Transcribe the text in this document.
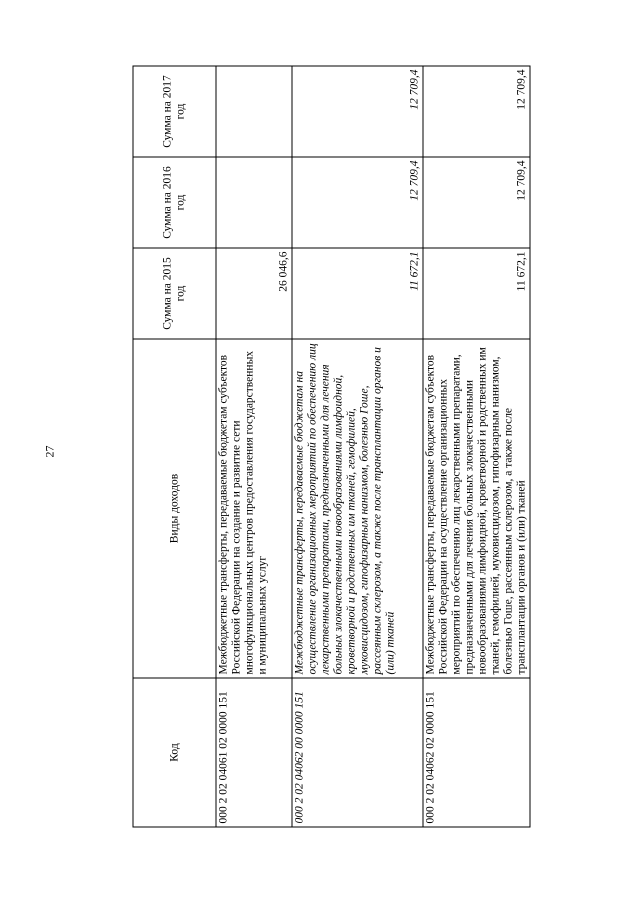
27
Код	Виды доходов	Сумма на 2015 год	Сумма на 2016 год	Сумма на 2017 год
000 2 02 04061 02 0000 151	Межбюджетные трансферты, передаваемые бюджетам субъектов Российской Федерации на создание и развитие сети многофункциональных центров предоставления государственных и муниципальных услуг	26 046,6		
000 2 02 04062 00 0000 151	Межбюджетные трансферты, передаваемые бюджетам на осуществление организационных мероприятий по обеспечению лиц лекарственными препаратами, предназначенными для лечения больных злокачественными новообразованиями лимфоидной, кроветворной и родственных им тканей, гемофилией, муковисцидозом, гипофизарным нанизмом, болезнью Гоше, рассеянным склерозом, а также после трансплантации органов и (или) тканей	11 672,1	12 709,4	12 709,4
000 2 02 04062 02 0000 151	Межбюджетные трансферты, передаваемые бюджетам субъектов Российской Федерации на осуществление организационных мероприятий по обеспечению лиц лекарственными препаратами, предназначенными для лечения больных злокачественными новообразованиями лимфоидной, кроветворной и родственных им тканей, гемофилией, муковисцидозом, гипофизарным нанизмом, болезнью Гоше, рассеянным склерозом, а также после трансплантации органов и (или) тканей	11 672,1	12 709,4	12 709,4
